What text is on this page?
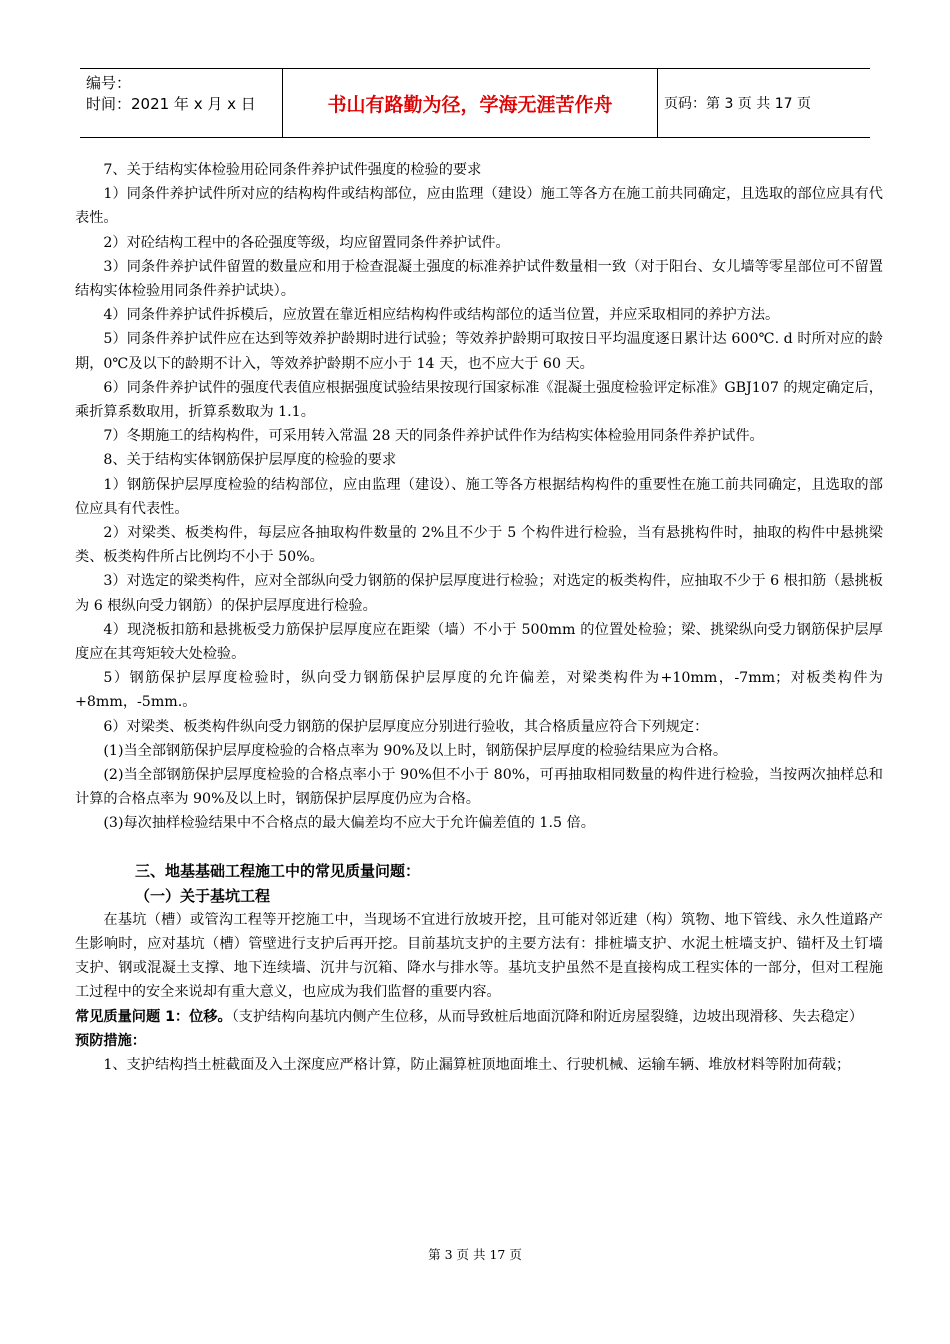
编号：
时间：2021 年 x 月 x 日	书山有路勤为径，学海无涯苦作舟	页码：第 3 页 共 17 页

7、关于结构实体检验用砼同条件养护试件强度的检验的要求

1）同条件养护试件所对应的结构构件或结构部位，应由监理（建设）施工等各方在施工前共同确定，且选取的部位应具有代表性。

2）对砼结构工程中的各砼强度等级，均应留置同条件养护试件。

3）同条件养护试件留置的数量应和用于检查混凝土强度的标准养护试件数量相一致（对于阳台、女儿墙等零星部位可不留置结构实体检验用同条件养护试块）。

4）同条件养护试件拆模后，应放置在靠近相应结构构件或结构部位的适当位置，并应采取相同的养护方法。

5）同条件养护试件应在达到等效养护龄期时进行试验；等效养护龄期可取按日平均温度逐日累计达 600℃. d 时所对应的龄期，0℃及以下的龄期不计入，等效养护龄期不应小于 14 天，也不应大于 60 天。

6）同条件养护试件的强度代表值应根据强度试验结果按现行国家标准《混凝土强度检验评定标准》GBJ107 的规定确定后，乘折算系数取用，折算系数取为 1.1。

7）冬期施工的结构构件，可采用转入常温 28 天的同条件养护试件作为结构实体检验用同条件养护试件。

8、关于结构实体钢筋保护层厚度的检验的要求

1）钢筋保护层厚度检验的结构部位，应由监理（建设）、施工等各方根据结构构件的重要性在施工前共同确定，且选取的部位应具有代表性。

2）对梁类、板类构件，每层应各抽取构件数量的 2%且不少于 5 个构件进行检验，当有悬挑构件时，抽取的构件中悬挑梁类、板类构件所占比例均不小于 50%。

3）对选定的梁类构件，应对全部纵向受力钢筋的保护层厚度进行检验；对选定的板类构件，应抽取不少于 6 根扣筋（悬挑板为 6 根纵向受力钢筋）的保护层厚度进行检验。

4）现浇板扣筋和悬挑板受力筋保护层厚度应在距梁（墙）不小于 500mm 的位置处检验；梁、挑梁纵向受力钢筋保护层厚度应在其弯矩较大处检验。

5）钢筋保护层厚度检验时，纵向受力钢筋保护层厚度的允许偏差，对梁类构件为+10mm，-7mm；对板类构件为+8mm，-5mm.。

6）对梁类、板类构件纵向受力钢筋的保护层厚度应分别进行验收，其合格质量应符合下列规定：

(1)当全部钢筋保护层厚度检验的合格点率为 90%及以上时，钢筋保护层厚度的检验结果应为合格。

(2)当全部钢筋保护层厚度检验的合格点率小于 90%但不小于 80%，可再抽取相同数量的构件进行检验，当按两次抽样总和计算的合格点率为 90%及以上时，钢筋保护层厚度仍应为合格。

(3)每次抽样检验结果中不合格点的最大偏差均不应大于允许偏差值的 1.5 倍。

三、地基基础工程施工中的常见质量问题：
（一）关于基坑工程

在基坑（槽）或管沟工程等开挖施工中，当现场不宜进行放坡开挖，且可能对邻近建（构）筑物、地下管线、永久性道路产生影响时，应对基坑（槽）管壁进行支护后再开挖。目前基坑支护的主要方法有：排桩墙支护、水泥土桩墙支护、锚杆及土钉墙支护、钢或混凝土支撑、地下连续墙、沉井与沉箱、降水与排水等。基坑支护虽然不是直接构成工程实体的一部分，但对工程施工过程中的安全来说却有重大意义，也应成为我们监督的重要内容。

常见质量问题 1：位移。（支护结构向基坑内侧产生位移，从而导致桩后地面沉降和附近房屋裂缝，边坡出现滑移、失去稳定）

预防措施：

1、支护结构挡土桩截面及入土深度应严格计算，防止漏算桩顶地面堆土、行驶机械、运输车辆、堆放材料等附加荷载；

第 3 页 共 17 页
